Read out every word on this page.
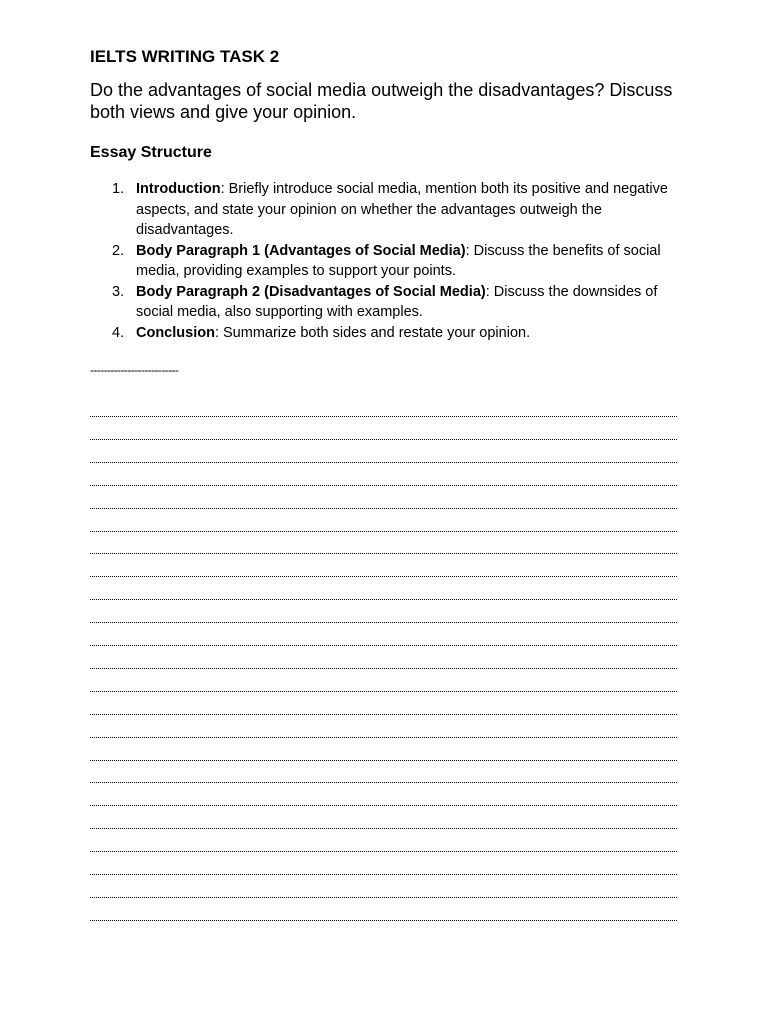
IELTS WRITING TASK 2

Do the advantages of social media outweigh the disadvantages? Discuss both views and give your opinion.

Essay Structure
1. Introduction: Briefly introduce social media, mention both its positive and negative aspects, and state your opinion on whether the advantages outweigh the disadvantages.
2. Body Paragraph 1 (Advantages of Social Media): Discuss the benefits of social media, providing examples to support your points.
3. Body Paragraph 2 (Disadvantages of Social Media): Discuss the downsides of social media, also supporting with examples.
4. Conclusion: Summarize both sides and restate your opinion.
--------------------------
